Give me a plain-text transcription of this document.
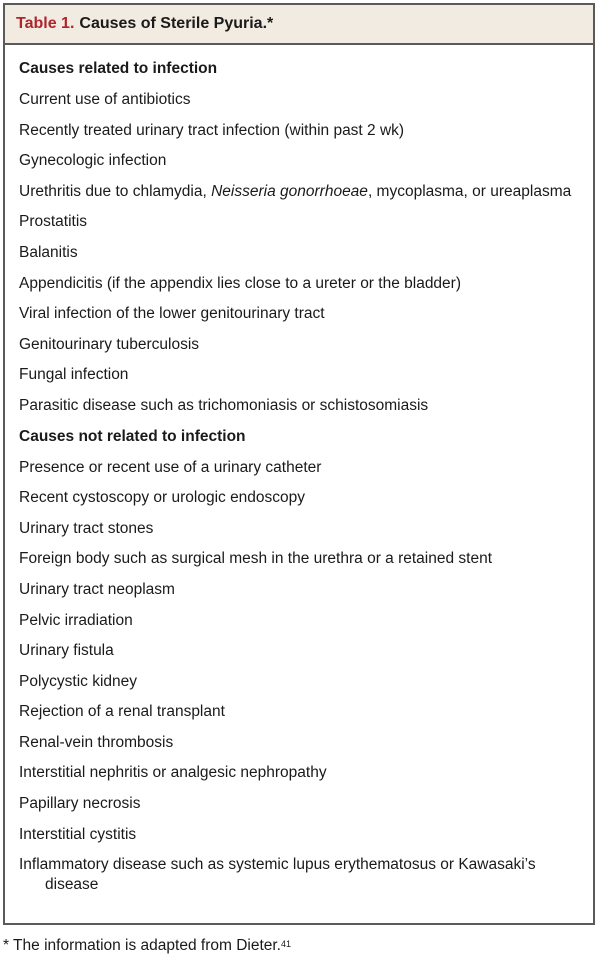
Table 1. Causes of Sterile Pyuria.*
Causes related to infection
Current use of antibiotics
Recently treated urinary tract infection (within past 2 wk)
Gynecologic infection
Urethritis due to chlamydia, Neisseria gonorrhoeae, mycoplasma, or ureaplasma
Prostatitis
Balanitis
Appendicitis (if the appendix lies close to a ureter or the bladder)
Viral infection of the lower genitourinary tract
Genitourinary tuberculosis
Fungal infection
Parasitic disease such as trichomoniasis or schistosomiasis
Causes not related to infection
Presence or recent use of a urinary catheter
Recent cystoscopy or urologic endoscopy
Urinary tract stones
Foreign body such as surgical mesh in the urethra or a retained stent
Urinary tract neoplasm
Pelvic irradiation
Urinary fistula
Polycystic kidney
Rejection of a renal transplant
Renal-vein thrombosis
Interstitial nephritis or analgesic nephropathy
Papillary necrosis
Interstitial cystitis
Inflammatory disease such as systemic lupus erythematosus or Kawasaki’s disease
* The information is adapted from Dieter.$^{41}$
